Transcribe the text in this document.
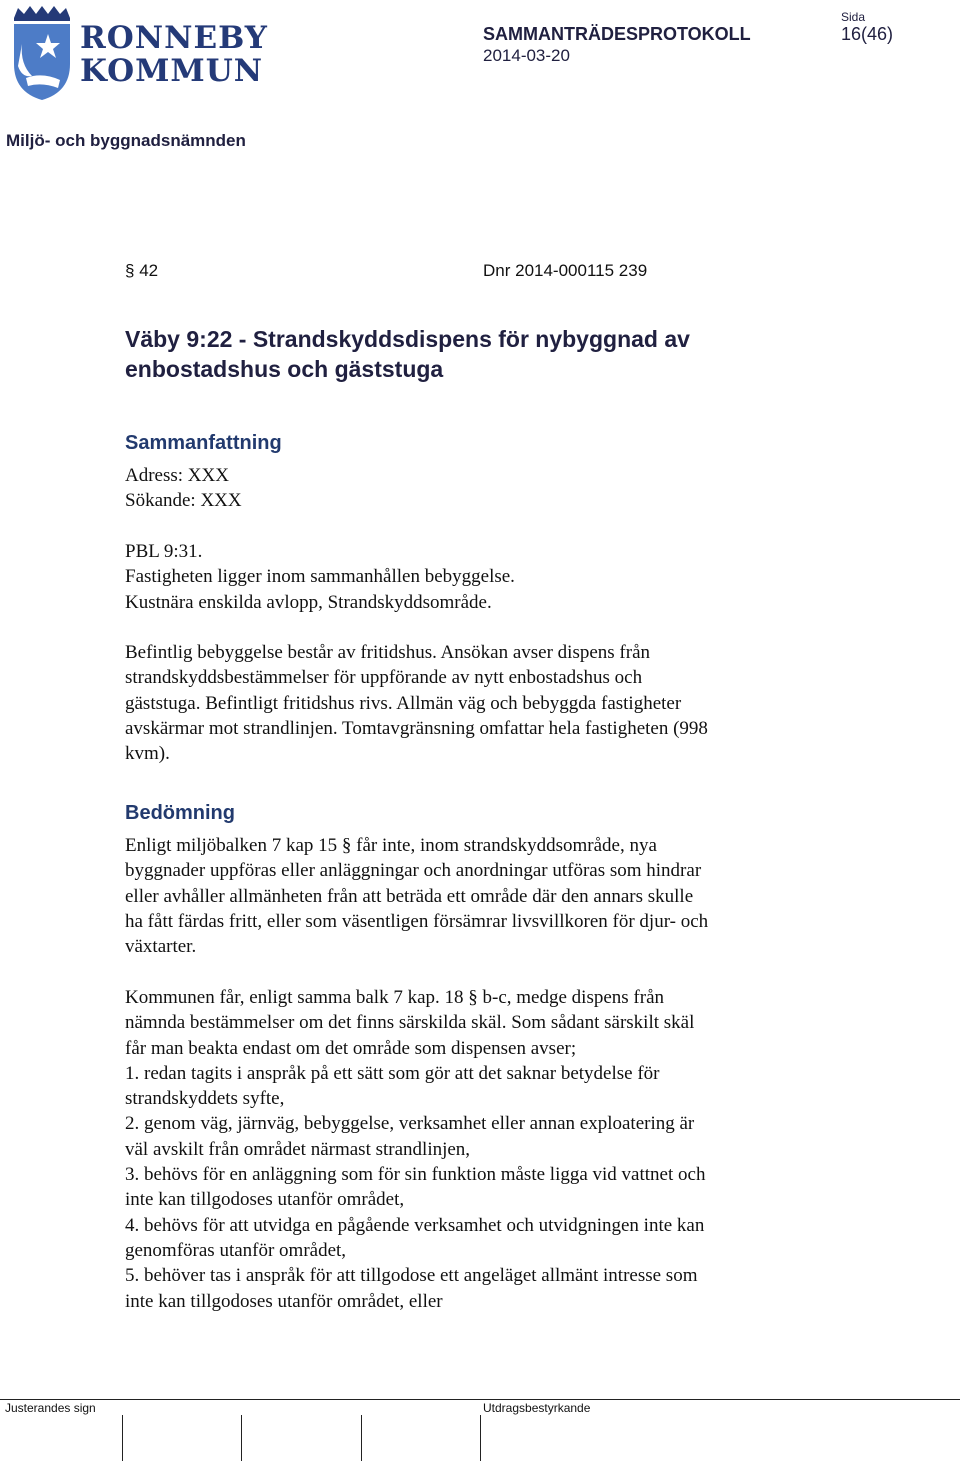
RONNEBY
KOMMUN
SAMMANTRÄDESPROTOKOLL
2014-03-20
Sida
16(46)
Miljö- och byggnadsnämnden
§ 42	Dnr 2014-000115 239
Väby 9:22 - Strandskyddsdispens för nybyggnad av
enbostadshus och gäststuga
Sammanfattning
Adress: XXX
Sökande: XXX
PBL 9:31.
Fastigheten ligger inom sammanhållen bebyggelse.
Kustnära enskilda avlopp, Strandskyddsområde.
Befintlig bebyggelse består av fritidshus. Ansökan avser dispens från
strandskyddsbestämmelser för uppförande av nytt enbostadshus och
gäststuga. Befintligt fritidshus rivs. Allmän väg och bebyggda fastigheter
avskärmar mot strandlinjen. Tomtavgränsning omfattar hela fastigheten (998
kvm).
Bedömning
Enligt miljöbalken 7 kap 15 § får inte, inom strandskyddsområde, nya
byggnader uppföras eller anläggningar och anordningar utföras som hindrar
eller avhåller allmänheten från att beträda ett område där den annars skulle
ha fått färdas fritt, eller som väsentligen försämrar livsvillkoren för djur- och
växtarter.
Kommunen får, enligt samma balk 7 kap. 18 § b-c, medge dispens från
nämnda bestämmelser om det finns särskilda skäl. Som sådant särskilt skäl
får man beakta endast om det område som dispensen avser;
1. redan tagits i anspråk på ett sätt som gör att det saknar betydelse för
strandskyddets syfte,
2. genom väg, järnväg, bebyggelse, verksamhet eller annan exploatering är
väl avskilt från området närmast strandlinjen,
3. behövs för en anläggning som för sin funktion måste ligga vid vattnet och
inte kan tillgodoses utanför området,
4. behövs för att utvidga en pågående verksamhet och utvidgningen inte kan
genomföras utanför området,
5. behöver tas i anspråk för att tillgodose ett angeläget allmänt intresse som
inte kan tillgodoses utanför området, eller
Justerandes sign	Utdragsbestyrkande
